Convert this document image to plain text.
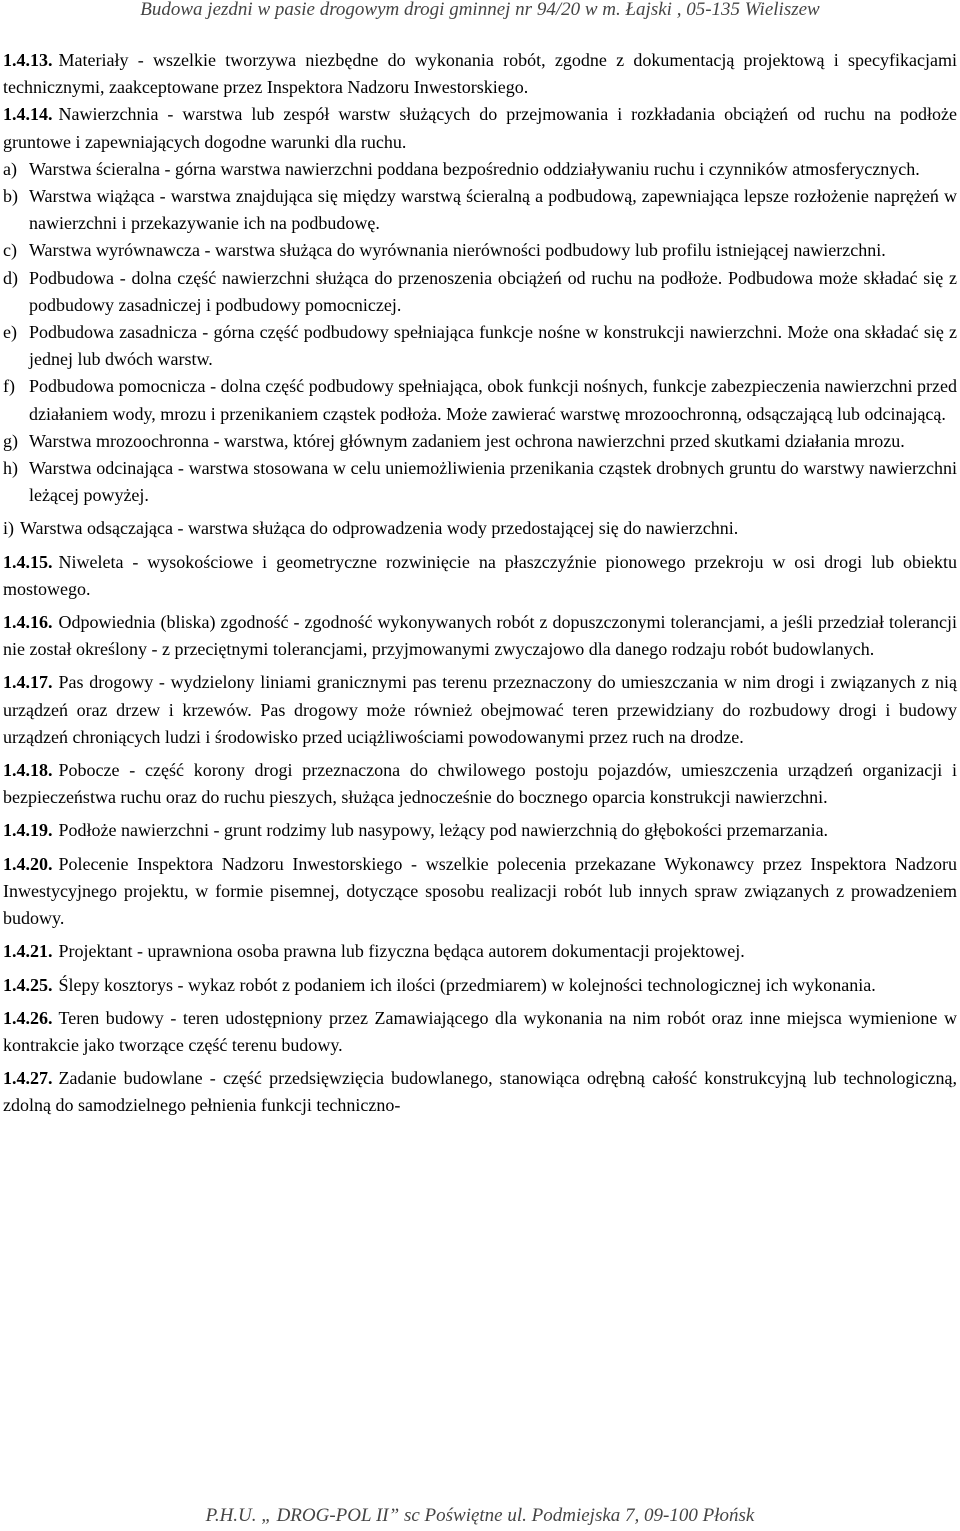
Budowa jezdni w pasie drogowym drogi gminnej nr 94/20 w m. Łajski , 05-135 Wieliszew

1.4.13. Materiały - wszelkie tworzywa niezbędne do wykonania robót, zgodne z dokumentacją projektową i specyfikacjami technicznymi, zaakceptowane przez Inspektora Nadzoru Inwestorskiego.

1.4.14. Nawierzchnia - warstwa lub zespół warstw służących do przejmowania i rozkładania obciążeń od ruchu na podłoże gruntowe i zapewniających dogodne warunki dla ruchu.

a) Warstwa ścieralna - górna warstwa nawierzchni poddana bezpośrednio oddziaływaniu ruchu i czynników atmosferycznych.

b) Warstwa wiążąca - warstwa znajdująca się między warstwą ścieralną a podbudową, zapewniająca lepsze rozłożenie naprężeń w nawierzchni i przekazywanie ich na podbudowę.

c) Warstwa wyrównawcza - warstwa służąca do wyrównania nierówności podbudowy lub profilu istniejącej nawierzchni.

d) Podbudowa - dolna część nawierzchni służąca do przenoszenia obciążeń od ruchu na podłoże. Podbudowa może składać się z podbudowy zasadniczej i podbudowy pomocniczej.

e) Podbudowa zasadnicza - górna część podbudowy spełniająca funkcje nośne w konstrukcji nawierzchni. Może ona składać się z jednej lub dwóch warstw.

f) Podbudowa pomocnicza - dolna część podbudowy spełniająca, obok funkcji nośnych, funkcje zabezpieczenia nawierzchni przed działaniem wody, mrozu i przenikaniem cząstek podłoża. Może zawierać warstwę mrozoochronną, odsączającą lub odcinającą.

g) Warstwa mrozoochronna - warstwa, której głównym zadaniem jest ochrona nawierzchni przed skutkami działania mrozu.

h) Warstwa odcinająca - warstwa stosowana w celu uniemożliwienia przenikania cząstek drobnych gruntu do warstwy nawierzchni leżącej powyżej.

i) Warstwa odsączająca - warstwa służąca do odprowadzenia wody przedostającej się do nawierzchni.

1.4.15. Niweleta - wysokościowe i geometryczne rozwinięcie na płaszczyźnie pionowego przekroju w osi drogi lub obiektu mostowego.

1.4.16. Odpowiednia (bliska) zgodność - zgodność wykonywanych robót z dopuszczonymi tolerancjami, a jeśli przedział tolerancji nie został określony - z przeciętnymi tolerancjami, przyjmowanymi zwyczajowo dla danego rodzaju robót budowlanych.

1.4.17. Pas drogowy - wydzielony liniami granicznymi pas terenu przeznaczony do umieszczania w nim drogi i związanych z nią urządzeń oraz drzew i krzewów. Pas drogowy może również obejmować teren przewidziany do rozbudowy drogi i budowy urządzeń chroniących ludzi i środowisko przed uciążliwościami powodowanymi przez ruch na drodze.

1.4.18. Pobocze - część korony drogi przeznaczona do chwilowego postoju pojazdów, umieszczenia urządzeń organizacji i bezpieczeństwa ruchu oraz do ruchu pieszych, służąca jednocześnie do bocznego oparcia konstrukcji nawierzchni.

1.4.19. Podłoże nawierzchni - grunt rodzimy lub nasypowy, leżący pod nawierzchnią do głębokości przemarzania.

1.4.20. Polecenie Inspektora Nadzoru Inwestorskiego - wszelkie polecenia przekazane Wykonawcy przez Inspektora Nadzoru Inwestycyjnego projektu, w formie pisemnej, dotyczące sposobu realizacji robót lub innych spraw związanych z prowadzeniem budowy.

1.4.21. Projektant - uprawniona osoba prawna lub fizyczna będąca autorem dokumentacji projektowej.

1.4.25. Ślepy kosztorys - wykaz robót z podaniem ich ilości (przedmiarem) w kolejności technologicznej ich wykonania.

1.4.26. Teren budowy - teren udostępniony przez Zamawiającego dla wykonania na nim robót oraz inne miejsca wymienione w kontrakcie jako tworzące część terenu budowy.

1.4.27. Zadanie budowlane - część przedsięwzięcia budowlanego, stanowiąca odrębną całość konstrukcyjną lub technologiczną, zdolną do samodzielnego pełnienia funkcji techniczno-

P.H.U. „ DROG-POL II” sc Poświętne ul. Podmiejska 7, 09-100 Płońsk
